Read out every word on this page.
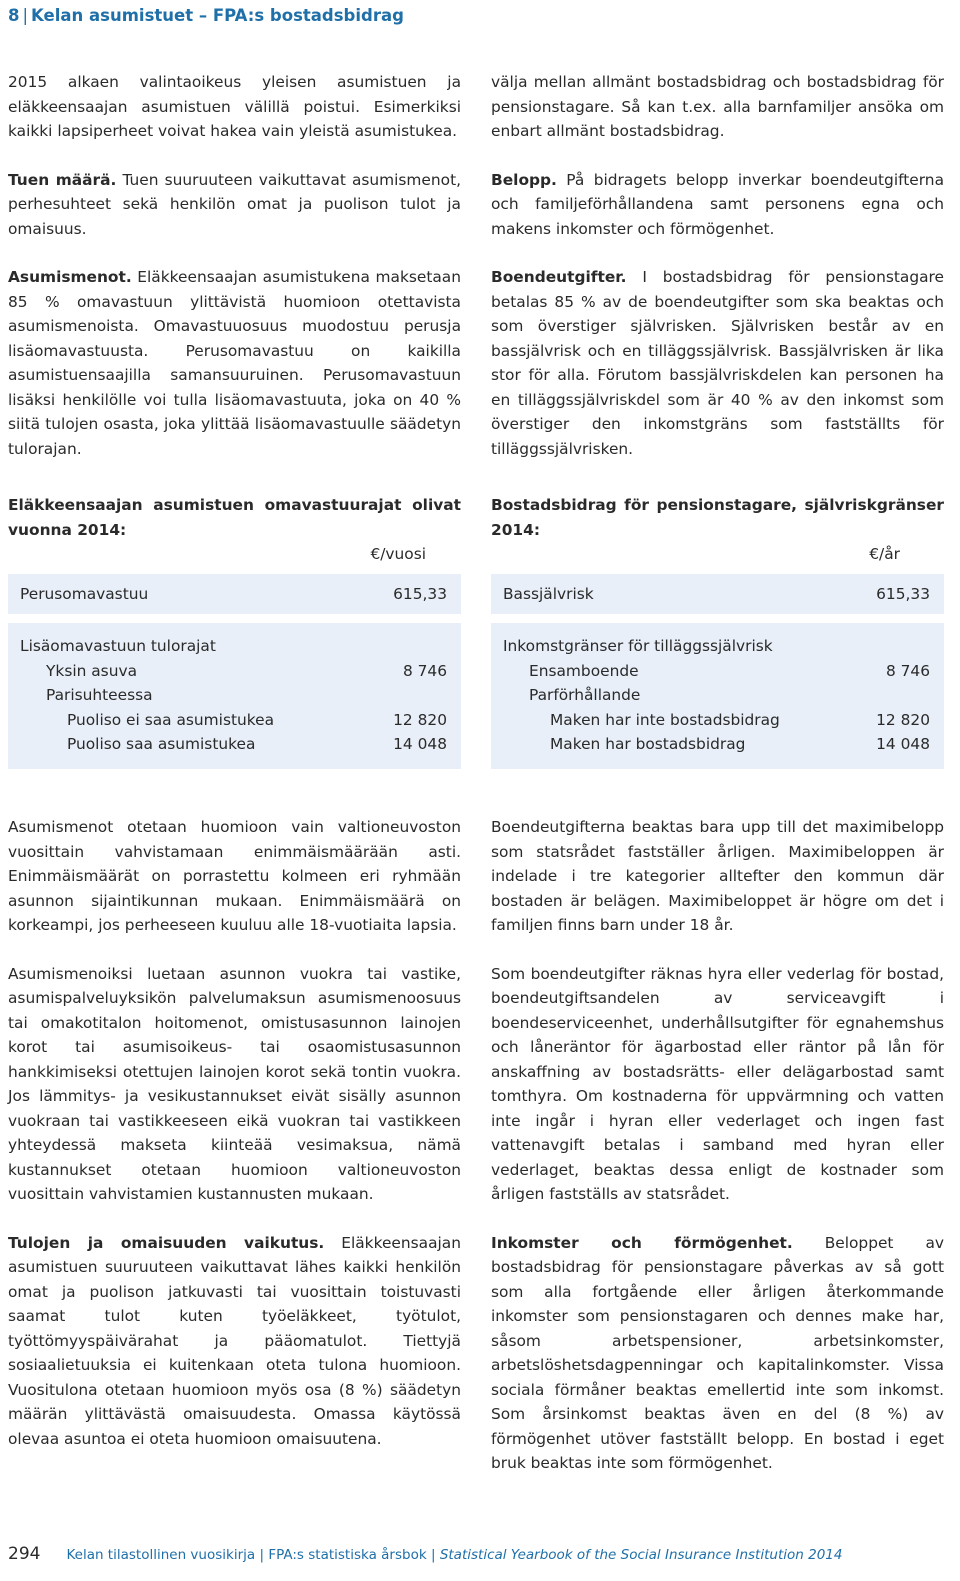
8 | Kelan asumistuet – FPA:s bostadsbidrag

2015 alkaen valintaoikeus yleisen asumistuen ja eläkkeensaajan asumistuen välillä poistui. Esimerkiksi kaikki lapsiperheet voivat hakea vain yleistä asumistukea.

Tuen määrä. Tuen suuruuteen vaikuttavat asumismenot, perhesuhteet sekä henkilön omat ja puolison tulot ja omaisuus.

Asumismenot. Eläkkeensaajan asumistukena maksetaan 85 % omavastuun ylittävistä huomioon otettavista asumismenoista. Omavastuuosuus muodostuu perusja lisäomavastuusta. Perusomavastuu on kaikilla asumistuensaajilla samansuuruinen. Perusomavastuun lisäksi henkilölle voi tulla lisäomavastuuta, joka on 40 % siitä tulojen osasta, joka ylittää lisäomavastuulle säädetyn tulorajan.

välja mellan allmänt bostadsbidrag och bostadsbidrag för pensionstagare. Så kan t.ex. alla barnfamiljer ansöka om enbart allmänt bostadsbidrag.

Belopp. På bidragets belopp inverkar boendeutgifterna och familjeförhållandena samt personens egna och makens inkomster och förmögenhet.

Boendeutgifter. I bostadsbidrag för pensionstagare betalas 85 % av de boendeutgifter som ska beaktas och som överstiger självrisken. Självrisken består av en bassjälvrisk och en tilläggssjälvrisk. Bassjälvrisken är lika stor för alla. Förutom bassjälvriskdelen kan personen ha en tilläggssjälvriskdel som är 40 % av den inkomst som överstiger den inkomstgräns som fastställts för tilläggssjälvrisken.

Eläkkeensaajan asumistuen omavastuurajat olivat vuonna 2014:
€/vuosi
Perusomavastuu	615,33
Lisäomavastuun tulorajat
Yksin asuva	8 746
Parisuhteessa
Puoliso ei saa asumistukea	12 820
Puoliso saa asumistukea	14 048
Bostadsbidrag för pensionstagare, självriskgränser 2014:
€/år
Bassjälvrisk	615,33
Inkomstgränser för tilläggssjälvrisk
Ensamboende	8 746
Parförhållande
Maken har inte bostadsbidrag	12 820
Maken har bostadsbidrag	14 048

Asumismenot otetaan huomioon vain valtioneuvoston vuosittain vahvistamaan enimmäismäärään asti. Enimmäismäärät on porrastettu kolmeen eri ryhmään asunnon sijaintikunnan mukaan. Enimmäismäärä on korkeampi, jos perheeseen kuuluu alle 18-vuotiaita lapsia.

Asumismenoiksi luetaan asunnon vuokra tai vastike, asumispalveluyksikön palvelumaksun asumismenoosuus tai omakotitalon hoitomenot, omistusasunnon lainojen korot tai asumisoikeus- tai osaomistusasunnon hankkimiseksi otettujen lainojen korot sekä tontin vuokra. Jos lämmitys- ja vesikustannukset eivät sisälly asunnon vuokraan tai vastikkeeseen eikä vuokran tai vastikkeen yhteydessä makseta kiinteää vesimaksua, nämä kustannukset otetaan huomioon valtioneuvoston vuosittain vahvistamien kustannusten mukaan.

Tulojen ja omaisuuden vaikutus. Eläkkeensaajan asumistuen suuruuteen vaikuttavat lähes kaikki henkilön omat ja puolison jatkuvasti tai vuosittain toistuvasti saamat tulot kuten työeläkkeet, työtulot, työttömyyspäivärahat ja pääomatulot. Tiettyjä sosiaalietuuksia ei kuitenkaan oteta tulona huomioon. Vuositulona otetaan huomioon myös osa (8 %) säädetyn määrän ylittävästä omaisuudesta. Omassa käytössä olevaa asuntoa ei oteta huomioon omaisuutena.

Boendeutgifterna beaktas bara upp till det maximibelopp som statsrådet fastställer årligen. Maximibeloppen är indelade i tre kategorier alltefter den kommun där bostaden är belägen. Maximibeloppet är högre om det i familjen finns barn under 18 år.

Som boendeutgifter räknas hyra eller vederlag för bostad, boendeutgiftsandelen av serviceavgift i boendeserviceenhet, underhållsutgifter för egnahemshus och låneräntor för ägarbostad eller räntor på lån för anskaffning av bostadsrätts- eller delägarbostad samt tomthyra. Om kostnaderna för uppvärmning och vatten inte ingår i hyran eller vederlaget och ingen fast vattenavgift betalas i samband med hyran eller vederlaget, beaktas dessa enligt de kostnader som årligen fastställs av statsrådet.

Inkomster och förmögenhet. Beloppet av bostadsbidrag för pensionstagare påverkas av så gott som alla fortgående eller årligen återkommande inkomster som pensionstagaren och dennes make har, såsom arbetspensioner, arbetsinkomster, arbetslöshetsdagpenningar och kapitalinkomster. Vissa sociala förmåner beaktas emellertid inte som inkomst. Som årsinkomst beaktas även en del (8 %) av förmögenhet utöver fastställt belopp. En bostad i eget bruk beaktas inte som förmögenhet.

294 Kelan tilastollinen vuosikirja | FPA:s statistiska årsbok | Statistical Yearbook of the Social Insurance Institution 2014
